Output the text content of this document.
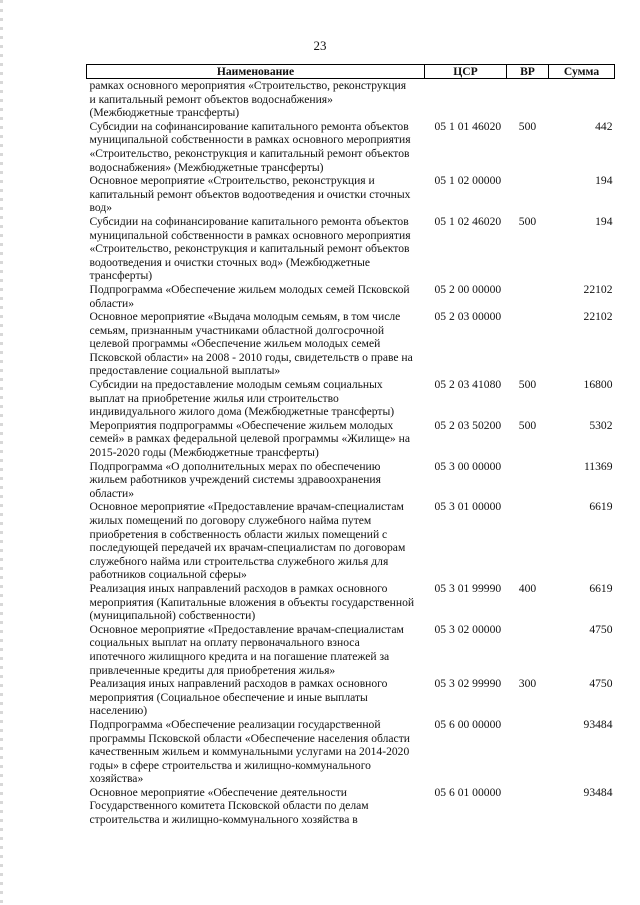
23
Наименование	ЦСР	ВР	Сумма
рамках основного мероприятия «Строительство, реконструкция и капитальный ремонт объектов водоснабжения» (Межбюджетные трансферты)			
Субсидии на софинансирование капитального ремонта объектов муниципальной собственности в рамках основного мероприятия «Строительство, реконструкция и капитальный ремонт объектов водоснабжения» (Межбюджетные трансферты)	05 1 01 46020	500	442
Основное мероприятие «Строительство, реконструкция и капитальный ремонт объектов водоотведения и очистки сточных вод»	05 1 02 00000		194
Субсидии на софинансирование капитального ремонта объектов муниципальной собственности в рамках основного мероприятия «Строительство, реконструкция и капитальный ремонт объектов водоотведения и очистки сточных вод» (Межбюджетные трансферты)	05 1 02 46020	500	194
Подпрограмма «Обеспечение жильем молодых семей Псковской области»	05 2 00 00000		22102
Основное мероприятие «Выдача молодым семьям, в том числе семьям, признанным участниками областной долгосрочной целевой программы «Обеспечение жильем молодых семей Псковской области» на 2008 - 2010 годы, свидетельств о праве на предоставление социальной выплаты»	05 2 03 00000		22102
Субсидии на предоставление молодым семьям социальных выплат на приобретение жилья или строительство индивидуального жилого дома (Межбюджетные трансферты)	05 2 03 41080	500	16800
Мероприятия подпрограммы «Обеспечение жильем молодых семей» в рамках федеральной целевой программы «Жилище» на 2015-2020 годы (Межбюджетные трансферты)	05 2 03 50200	500	5302
Подпрограмма «О дополнительных мерах по обеспечению жильем работников учреждений системы здравоохранения области»	05 3 00 00000		11369
Основное мероприятие «Предоставление врачам-специалистам жилых помещений по договору служебного найма путем приобретения в собственность области жилых помещений с последующей передачей их врачам-специалистам по договорам служебного найма или строительства служебного жилья для работников социальной сферы»	05 3 01 00000		6619
Реализация иных направлений расходов в рамках основного мероприятия (Капитальные вложения в объекты государственной (муниципальной) собственности)	05 3 01 99990	400	6619
Основное мероприятие «Предоставление врачам-специалистам социальных выплат на оплату первоначального взноса ипотечного жилищного кредита и на погашение платежей за привлеченные кредиты для приобретения жилья»	05 3 02 00000		4750
Реализация иных направлений расходов в рамках основного мероприятия (Социальное обеспечение и иные выплаты населению)	05 3 02 99990	300	4750
Подпрограмма «Обеспечение реализации государственной программы Псковской области «Обеспечение населения области качественным жильем и коммунальными услугами на 2014-2020 годы» в сфере строительства и жилищно-коммунального хозяйства»	05 6 00 00000		93484
Основное мероприятие «Обеспечение деятельности Государственного комитета Псковской области по делам строительства и жилищно-коммунального хозяйства в	05 6 01 00000		93484
